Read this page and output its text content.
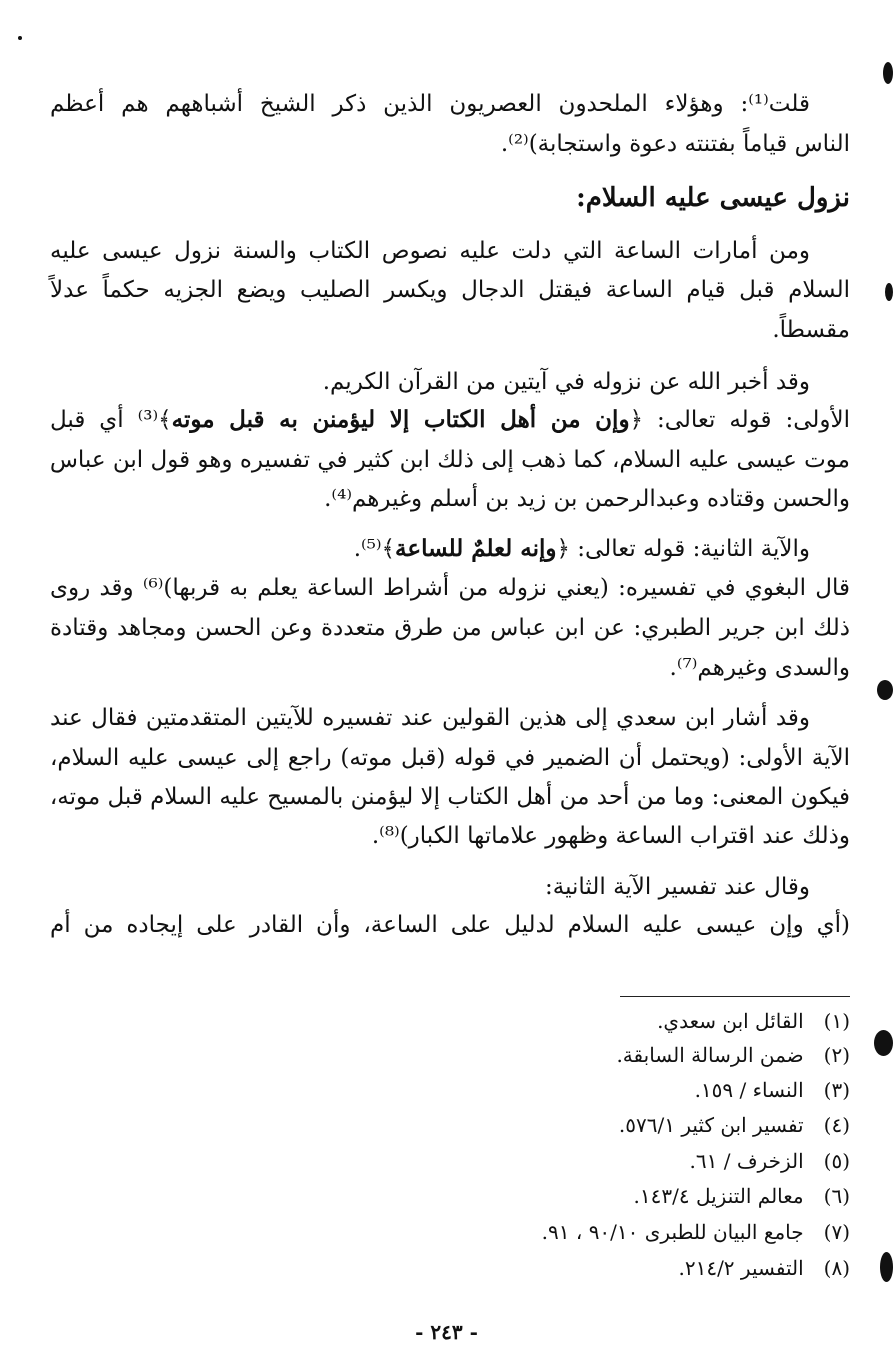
قلت⁽¹⁾: وهؤلاء الملحدون العصريون الذين ذكر الشيخ أشباههم هم أعظم
الناس قياماً بفتنته دعوة واستجابة)⁽²⁾.
نزول عيسى عليه السلام:
ومن أمارات الساعة التي دلت عليه نصوص الكتاب والسنة نزول عيسى عليه
السلام قبل قيام الساعة فيقتل الدجال ويكسر الصليب ويضع الجزيه حكماً عدلاً
مقسطاً.
وقد أخبر الله عن نزوله في آيتين من القرآن الكريم.
الأولى: قوله تعالى: ﴿وإن من أهل الكتاب إلا ليؤمنن به قبل موته﴾⁽³⁾ أي قبل
موت عيسى عليه السلام، كما ذهب إلى ذلك ابن كثير في تفسيره وهو قول ابن عباس
والحسن وقتاده وعبدالرحمن بن زيد بن أسلم وغيرهم⁽⁴⁾.
والآية الثانية: قوله تعالى: ﴿وإنه لعلمٌ للساعة﴾⁽⁵⁾.
قال البغوي في تفسيره: (يعني نزوله من أشراط الساعة يعلم به قربها)⁽⁶⁾ وقد روى
ذلك ابن جرير الطبري: عن ابن عباس من طرق متعددة وعن الحسن ومجاهد وقتادة
والسدى وغيرهم⁽⁷⁾.
وقد أشار ابن سعدي إلى هذين القولين عند تفسيره للآيتين المتقدمتين فقال عند
الآية الأولى: (ويحتمل أن الضمير في قوله (قبل موته) راجع إلى عيسى عليه السلام،
فيكون المعنى: وما من أحد من أهل الكتاب إلا ليؤمنن بالمسيح عليه السلام قبل موته،
وذلك عند اقتراب الساعة وظهور علاماتها الكبار)⁽⁸⁾.
وقال عند تفسير الآية الثانية:
(أي وإن عيسى عليه السلام لدليل على الساعة، وأن القادر على إيجاده من أم
(١) القائل ابن سعدي.
(٢) ضمن الرسالة السابقة.
(٣) النساء / ١٥٩.
(٤) تفسير ابن كثير ٥٧٦/١.
(٥) الزخرف / ٦١.
(٦) معالم التنزيل ١٤٣/٤.
(٧) جامع البيان للطبرى ٩٠/١٠ ، ٩١.
(٨) التفسير ٢١٤/٢.
- ٢٤٣ -
